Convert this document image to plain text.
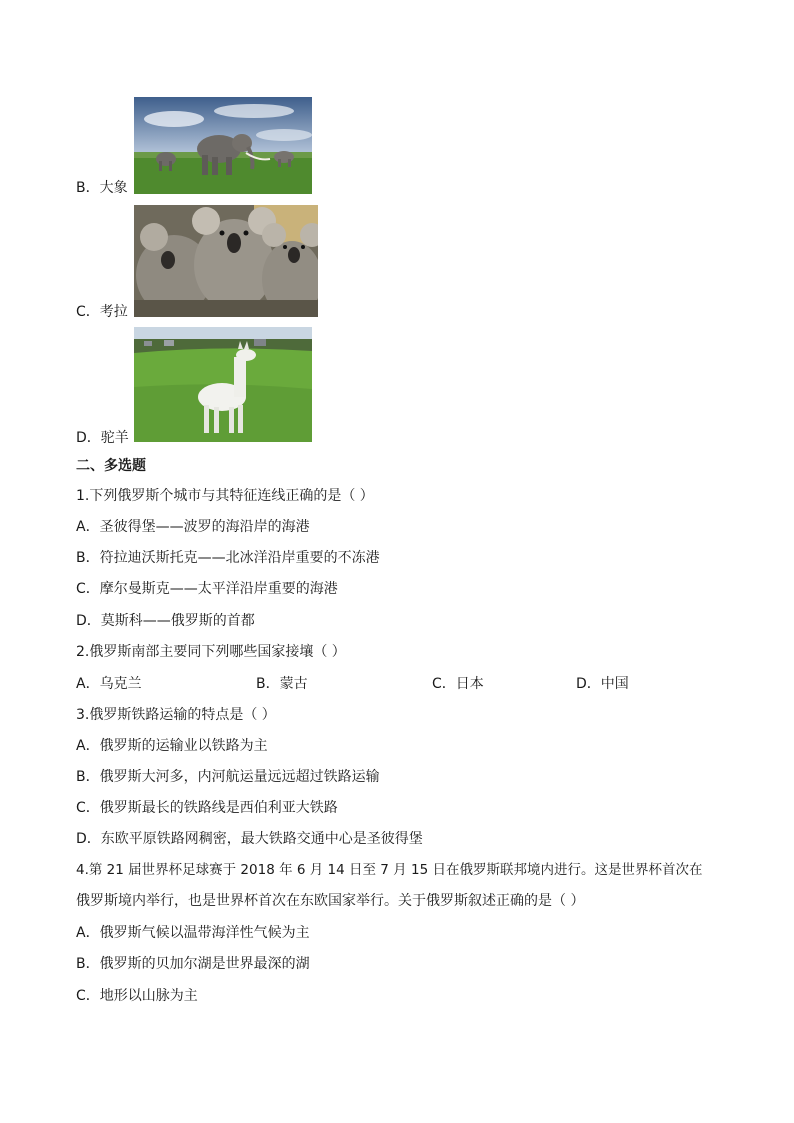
B．大象
C．考拉
D．驼羊
二、多选题
1.下列俄罗斯个城市与其特征连线正确的是（ ）
A．圣彼得堡——波罗的海沿岸的海港
B．符拉迪沃斯托克——北冰洋沿岸重要的不冻港
C．摩尔曼斯克——太平洋沿岸重要的海港
D．莫斯科——俄罗斯的首都
2.俄罗斯南部主要同下列哪些国家接壤（ ）
A．乌克兰	B．蒙古	C．日本	D．中国
3.俄罗斯铁路运输的特点是（ ）
A．俄罗斯的运输业以铁路为主
B．俄罗斯大河多，内河航运量远远超过铁路运输
C．俄罗斯最长的铁路线是西伯利亚大铁路
D．东欧平原铁路网稠密，最大铁路交通中心是圣彼得堡
4.第 21 届世界杯足球赛于 2018 年 6 月 14 日至 7 月 15 日在俄罗斯联邦境内进行。这是世界杯首次在
俄罗斯境内举行，也是世界杯首次在东欧国家举行。关于俄罗斯叙述正确的是（ ）
A．俄罗斯气候以温带海洋性气候为主
B．俄罗斯的贝加尔湖是世界最深的湖
C．地形以山脉为主
